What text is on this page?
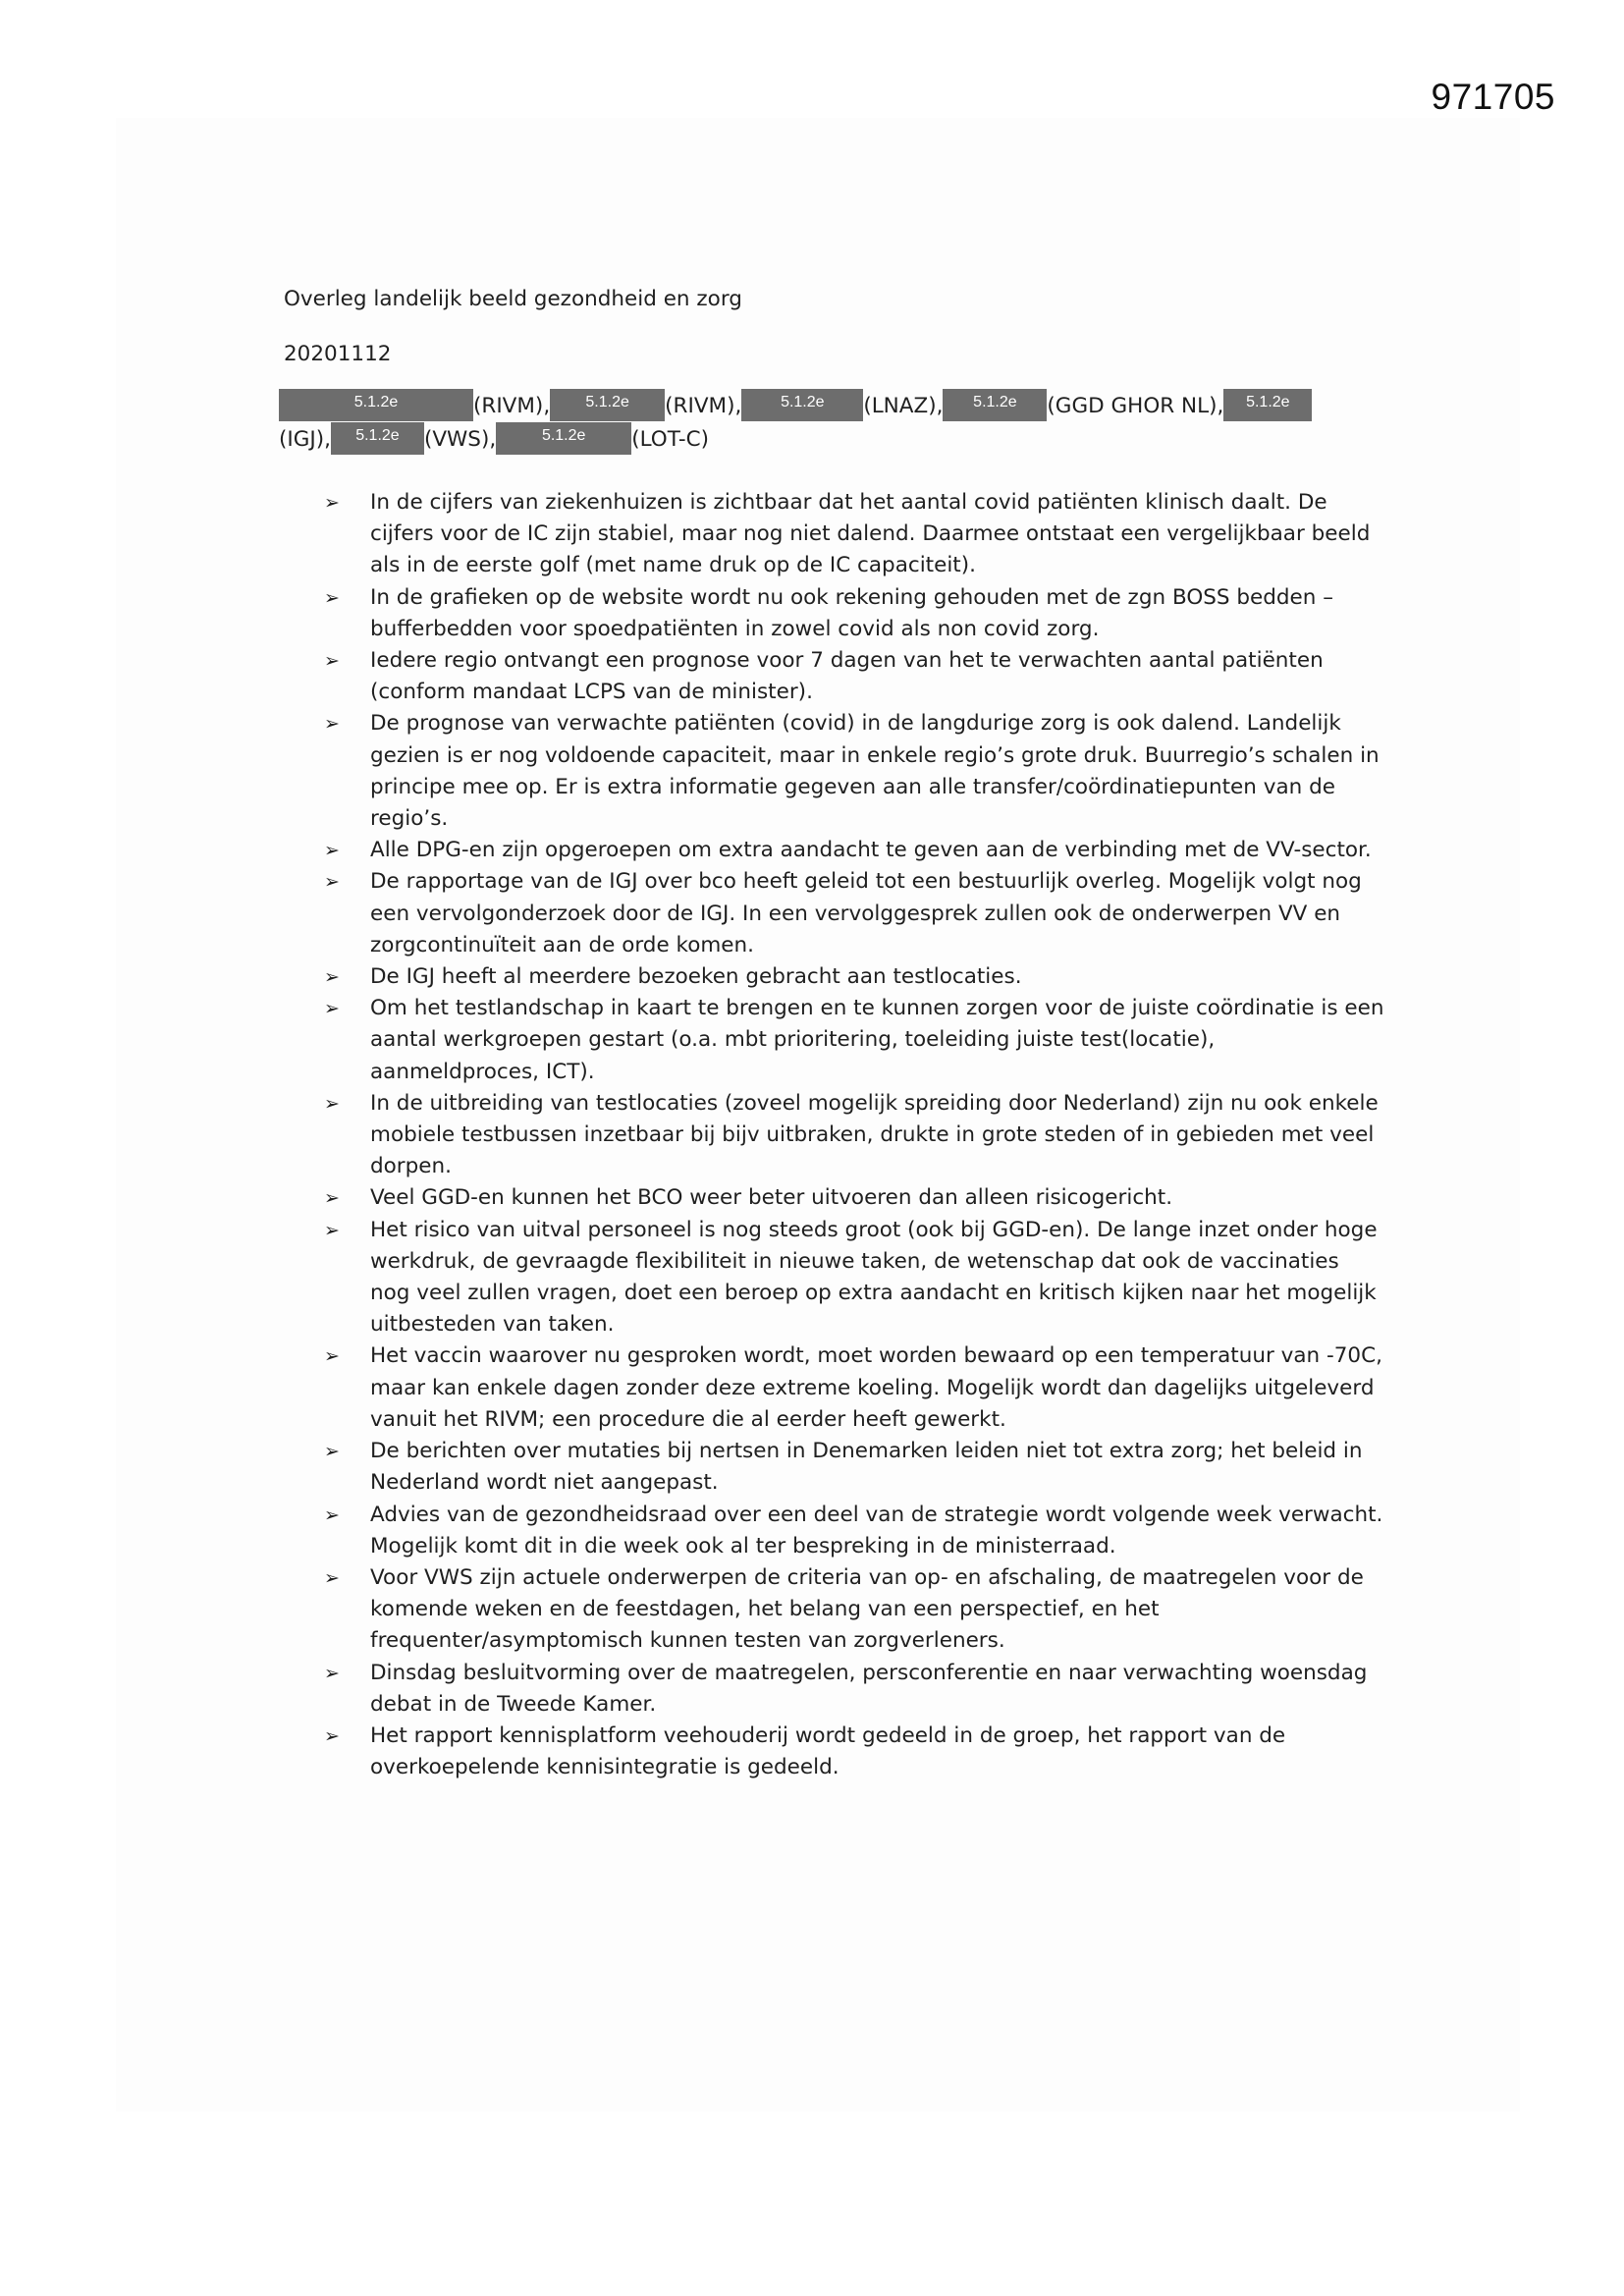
971705
Overleg landelijk beeld gezondheid en zorg
20201112
5.1.2e	(RIVM), 5.1.2e (RIVM), 5.1.2e (LNAZ), 5.1.2e (GGD GHOR NL), 5.1.2e
(IGJ), 5.1.2e (VWS),	5.1.2e (LOT-C)
➢ In de cijfers van ziekenhuizen is zichtbaar dat het aantal covid patiënten klinisch daalt. De cijfers voor de IC zijn stabiel, maar nog niet dalend. Daarmee ontstaat een vergelijkbaar beeld als in de eerste golf (met name druk op de IC capaciteit).
➢ In de grafieken op de website wordt nu ook rekening gehouden met de zgn BOSS bedden – bufferbedden voor spoedpatiënten in zowel covid als non covid zorg.
➢ Iedere regio ontvangt een prognose voor 7 dagen van het te verwachten aantal patiënten (conform mandaat LCPS van de minister).
➢ De prognose van verwachte patiënten (covid) in de langdurige zorg is ook dalend. Landelijk gezien is er nog voldoende capaciteit, maar in enkele regio’s grote druk. Buurregio’s schalen in principe mee op. Er is extra informatie gegeven aan alle transfer/coördinatiepunten van de regio’s.
➢ Alle DPG-en zijn opgeroepen om extra aandacht te geven aan de verbinding met de VV-sector.
➢ De rapportage van de IGJ over bco heeft geleid tot een bestuurlijk overleg. Mogelijk volgt nog een vervolgonderzoek door de IGJ. In een vervolggesprek zullen ook de onderwerpen VV en zorgcontinuïteit aan de orde komen.
➢ De IGJ heeft al meerdere bezoeken gebracht aan testlocaties.
➢ Om het testlandschap in kaart te brengen en te kunnen zorgen voor de juiste coördinatie is een aantal werkgroepen gestart (o.a. mbt prioritering, toeleiding juiste test(locatie), aanmeldproces, ICT).
➢ In de uitbreiding van testlocaties (zoveel mogelijk spreiding door Nederland) zijn nu ook enkele mobiele testbussen inzetbaar bij bijv uitbraken, drukte in grote steden of in gebieden met veel dorpen.
➢ Veel GGD-en kunnen het BCO weer beter uitvoeren dan alleen risicogericht.
➢ Het risico van uitval personeel is nog steeds groot (ook bij GGD-en). De lange inzet onder hoge werkdruk, de gevraagde flexibiliteit in nieuwe taken, de wetenschap dat ook de vaccinaties nog veel zullen vragen, doet een beroep op extra aandacht en kritisch kijken naar het mogelijk uitbesteden van taken.
➢ Het vaccin waarover nu gesproken wordt, moet worden bewaard op een temperatuur van -70C, maar kan enkele dagen zonder deze extreme koeling. Mogelijk wordt dan dagelijks uitgeleverd vanuit het RIVM; een procedure die al eerder heeft gewerkt.
➢ De berichten over mutaties bij nertsen in Denemarken leiden niet tot extra zorg; het beleid in Nederland wordt niet aangepast.
➢ Advies van de gezondheidsraad over een deel van de strategie wordt volgende week verwacht. Mogelijk komt dit in die week ook al ter bespreking in de ministerraad.
➢ Voor VWS zijn actuele onderwerpen de criteria van op- en afschaling, de maatregelen voor de komende weken en de feestdagen, het belang van een perspectief, en het frequenter/asymptomisch kunnen testen van zorgverleners.
➢ Dinsdag besluitvorming over de maatregelen, persconferentie en naar verwachting woensdag debat in de Tweede Kamer.
➢ Het rapport kennisplatform veehouderij wordt gedeeld in de groep, het rapport van de overkoepelende kennisintegratie is gedeeld.
